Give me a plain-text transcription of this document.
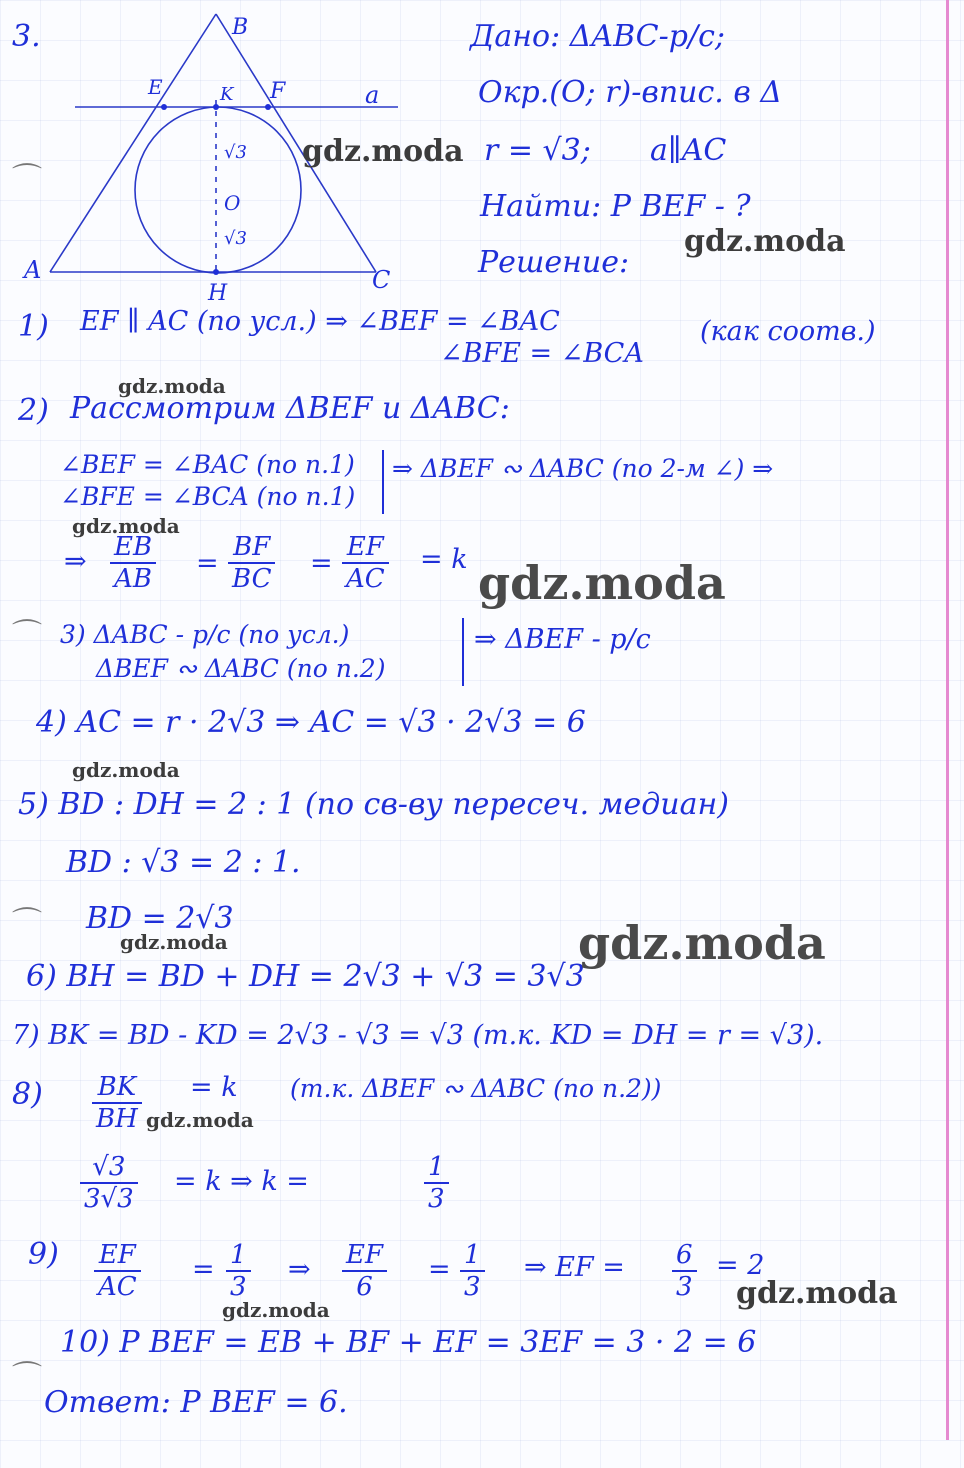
3.	B
E	K F	a
A	C
H
√3
O
√3
Дано: ΔABC-p/c;
Окр.(O; r)-впис. в Δ
r = √3; a∥AC
Найти: P BEF - ?
Решение:
1) EF ∥ AC (по усл.) ⇒ ∠BEF = ∠BAC
∠BFE = ∠BCA
(как соотв.)
2) Рассмотрим ΔBEF и ΔABC:
∠BEF = ∠BAC (по п.1)
∠BFE = ∠BCA (по п.1)
⇒ ΔBEF ∾ ΔABC (по 2-м ∠) ⇒
⇒ $\frac{EB}{AB} = \frac{BF}{BC} = \frac{EF}{AC} = k$
3) ΔABC - p/c (по усл.)
ΔBEF ∾ ΔABC (по п.2)
⇒ ΔBEF - p/c
4) AC = r · 2√3 ⇒ AC = √3 · 2√3 = 6
5) BD : DH = 2 : 1 (по св-ву пересеч. медиан)
BD : √3 = 2 : 1.
BD = 2√3
6) BH = BD + DH = 2√3 + √3 = 3√3
7) BK = BD - KD = 2√3 - √3 = √3 (т.к. KD = DH = r = √3).
$8) \frac{BK}{BH} = k$ (т.к. ΔBEF ∾ ΔABC (по п.2))
$\frac{√3}{3√3} = k$ ⇒ k =	$\frac{1}{3}$
$9) \frac{EF}{AC} = \frac{1}{3}$ ⇒ $\frac{EF}{6} = \frac{1}{3}$ ⇒ EF = $\frac{6}{3} = 2$
10) P BEF = EB + BF + EF = 3EF = 3 · 2 = 6
Ответ: P BEF = 6.
⌒
⌒
⌒
⌒
gdz.moda
gdz.moda
gdz.moda
gdz.moda
gdz.moda
gdz.moda
gdz.moda	gdz.moda
gdz.moda
gdz.moda
gdz.moda
